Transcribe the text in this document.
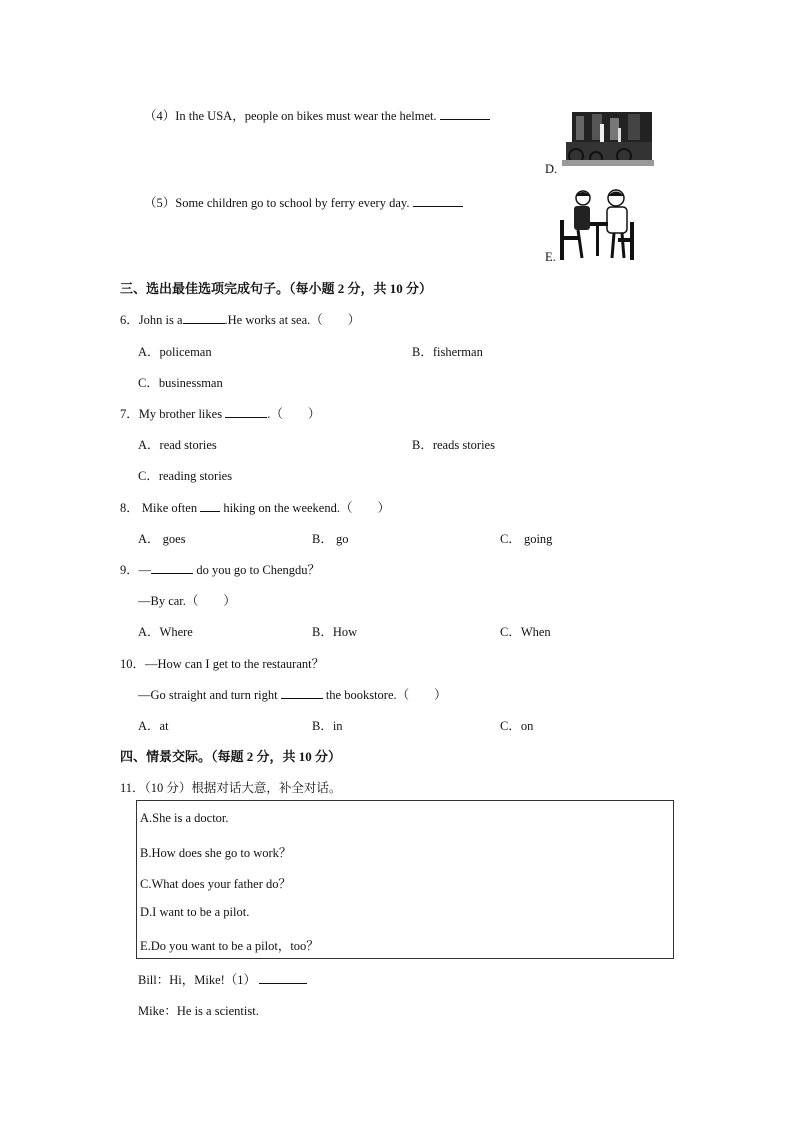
（4）In the USA，people on bikes must wear the helmet.
D.
（5）Some children go to school by ferry every day.
E.
三、选出最佳选项完成句子。（每小题 2 分，共 10 分）
6．John is a	.He works at sea.（　　）
A．policeman	B．fisherman
C．businessman
7．My brother likes	.（　　）
A．read stories	B．reads stories
C．reading stories
8． Mike often hiking on the weekend.（　　）
A． goes	B． go	C． going
9．—	do you go to Chengdu？
—By car.（　　）
A．Where	B．How	C．When
10．—How can I get to the restaurant？
—Go straight and turn right	the bookstore.（　　）
A．at	B．in	C．on
四、情景交际。（每题 2 分，共 10 分）
11．（10 分）根据对话大意，补全对话。
A.She is a doctor.
B.How does she go to work？
C.What does your father do？
D.I want to be a pilot.
E.Do you want to be a pilot，too？
Bill：Hi，Mike!（1）
Mike：He is a scientist.
